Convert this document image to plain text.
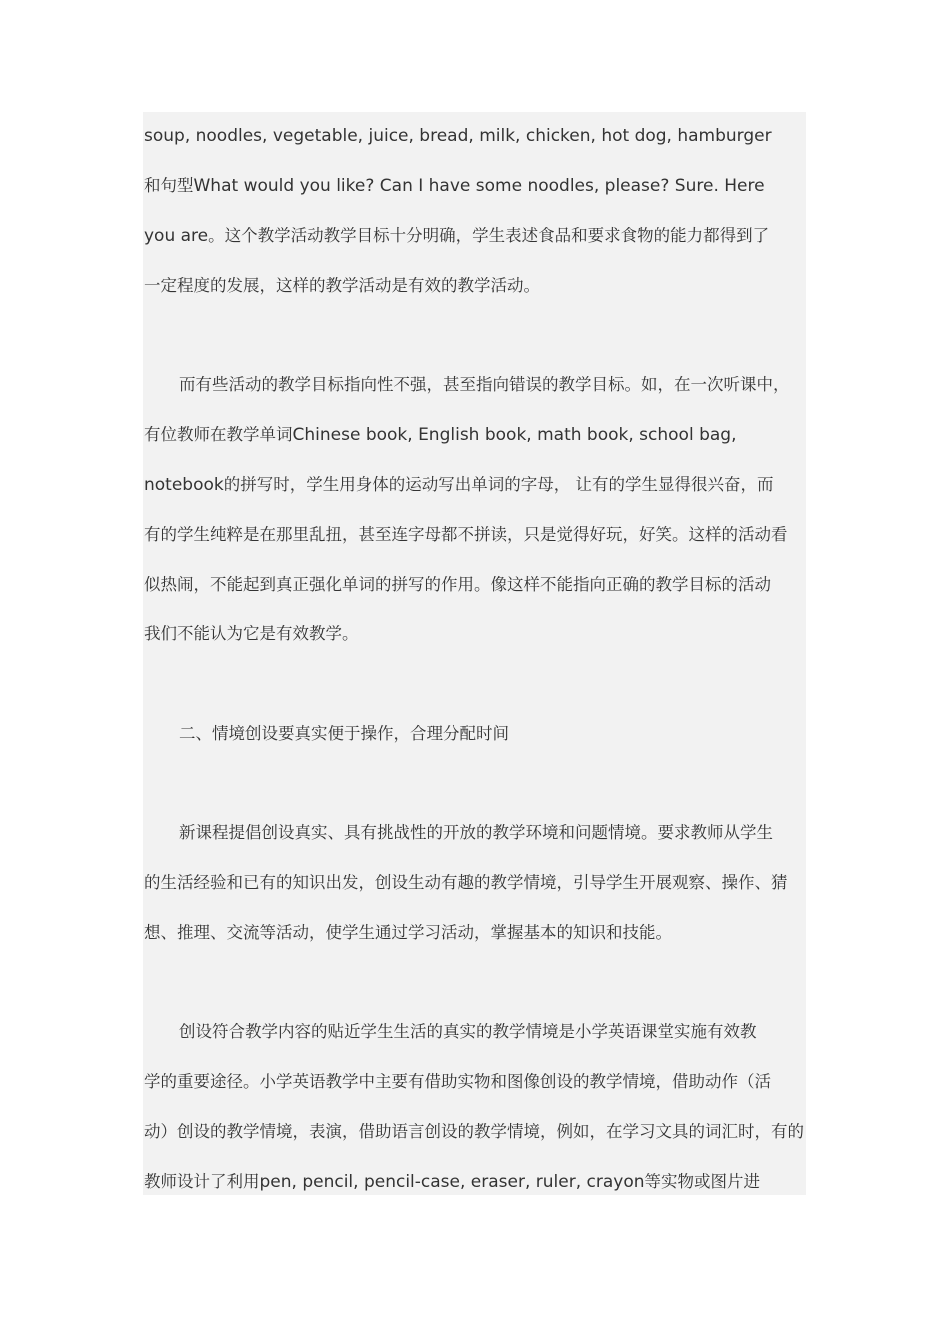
soup, noodles, vegetable, juice, bread, milk, chicken, hot dog, hamburger
和句型What would you like? Can I have some noodles, please? Sure. Here
you are。这个教学活动教学目标十分明确，学生表述食品和要求食物的能力都得到了
一定程度的发展，这样的教学活动是有效的教学活动。
而有些活动的教学目标指向性不强，甚至指向错误的教学目标。如，在一次听课中，
有位教师在教学单词Chinese book, English book, math book, school bag,
notebook的拼写时，学生用身体的运动写出单词的字母， 让有的学生显得很兴奋，而
有的学生纯粹是在那里乱扭，甚至连字母都不拼读，只是觉得好玩，好笑。这样的活动看
似热闹，不能起到真正强化单词的拼写的作用。像这样不能指向正确的教学目标的活动
我们不能认为它是有效教学。
二、情境创设要真实便于操作，合理分配时间
新课程提倡创设真实、具有挑战性的开放的教学环境和问题情境。要求教师从学生
的生活经验和已有的知识出发，创设生动有趣的教学情境，引导学生开展观察、操作、猜
想、推理、交流等活动，使学生通过学习活动，掌握基本的知识和技能。
创设符合教学内容的贴近学生生活的真实的教学情境是小学英语课堂实施有效教
学的重要途径。小学英语教学中主要有借助实物和图像创设的教学情境，借助动作（活
动）创设的教学情境，表演，借助语言创设的教学情境，例如，在学习文具的词汇时，有的
教师设计了利用pen, pencil, pencil-case, eraser, ruler, crayon等实物或图片进
